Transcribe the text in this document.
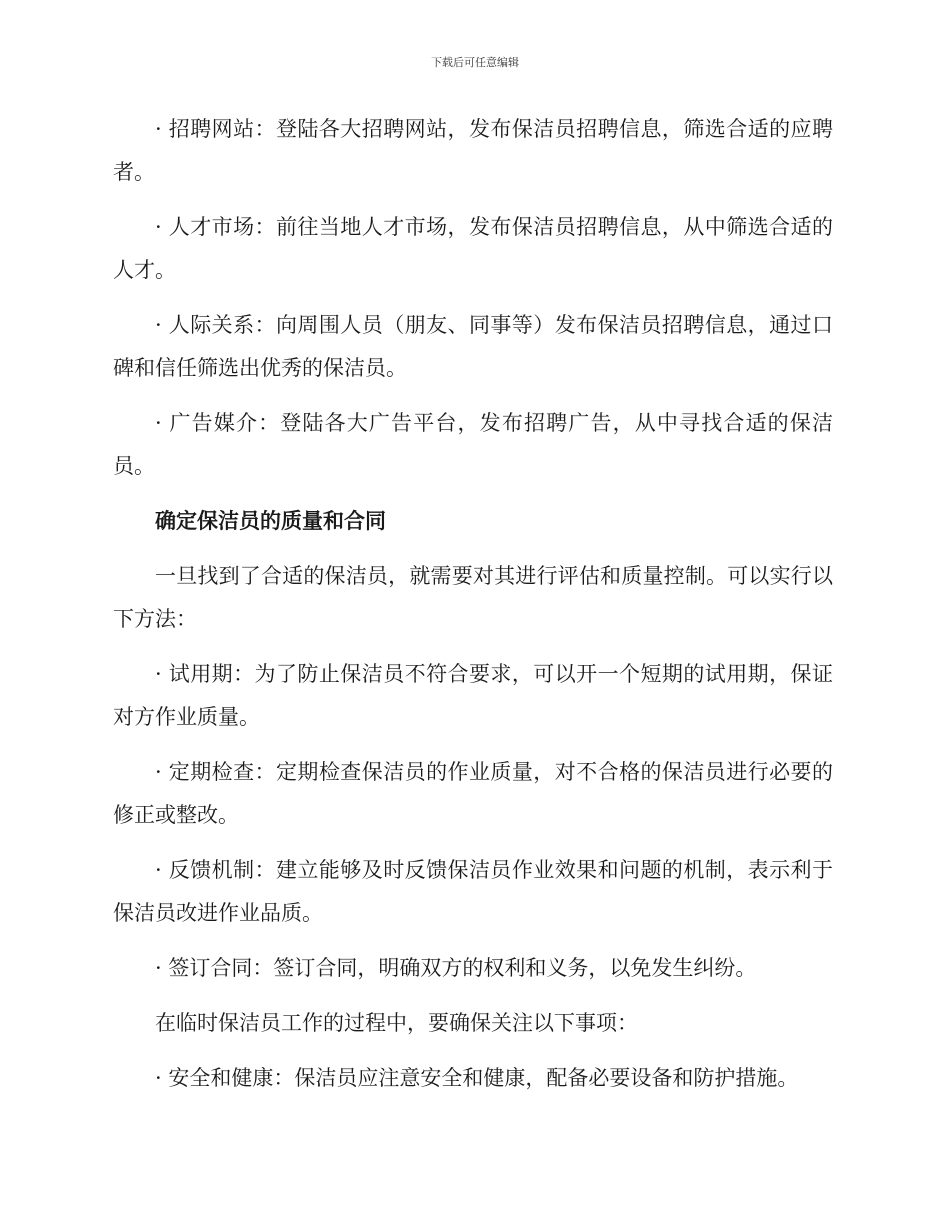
下载后可任意编辑

· 招聘网站：登陆各大招聘网站，发布保洁员招聘信息，筛选合适的应聘者。

· 人才市场：前往当地人才市场，发布保洁员招聘信息，从中筛选合适的人才。

· 人际关系：向周围人员（朋友、同事等）发布保洁员招聘信息，通过口碑和信任筛选出优秀的保洁员。

· 广告媒介：登陆各大广告平台，发布招聘广告，从中寻找合适的保洁员。

确定保洁员的质量和合同

一旦找到了合适的保洁员，就需要对其进行评估和质量控制。可以实行以下方法：

· 试用期：为了防止保洁员不符合要求，可以开一个短期的试用期，保证对方作业质量。

· 定期检查：定期检查保洁员的作业质量，对不合格的保洁员进行必要的修正或整改。

· 反馈机制：建立能够及时反馈保洁员作业效果和问题的机制，表示利于保洁员改进作业品质。

· 签订合同：签订合同，明确双方的权利和义务，以免发生纠纷。

在临时保洁员工作的过程中，要确保关注以下事项：

· 安全和健康：保洁员应注意安全和健康，配备必要设备和防护措施。
